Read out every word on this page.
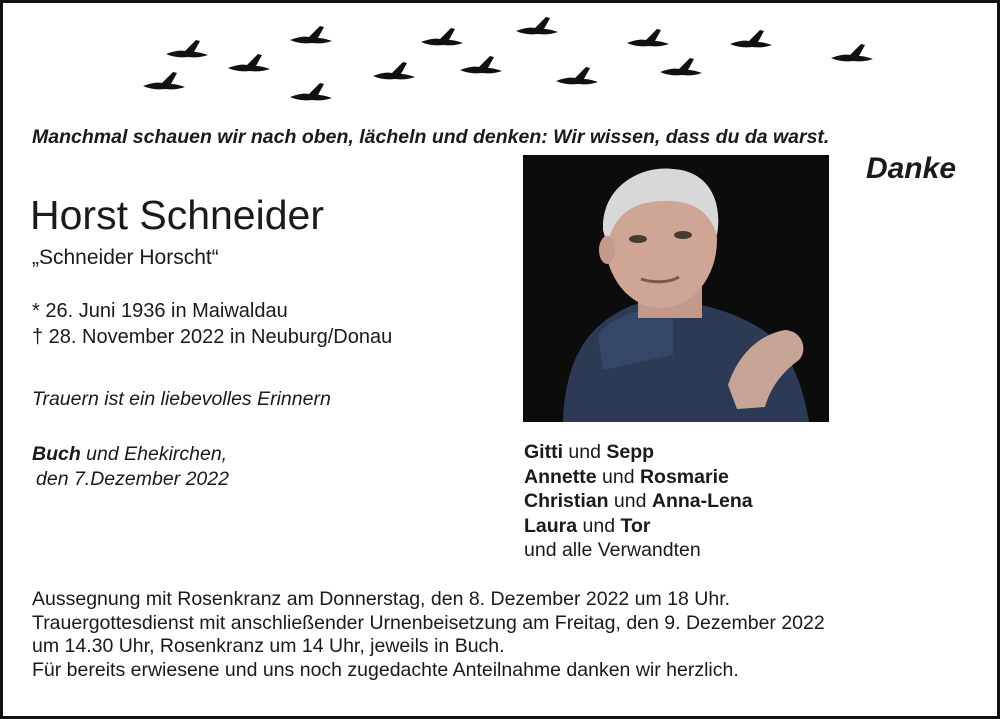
Manchmal schauen wir nach oben, lächeln und denken: Wir wissen, dass du da warst.
Danke
Horst Schneider
„Schneider Horscht“
* 26. Juni 1936 in Maiwaldau
† 28. November 2022 in Neuburg/Donau
Trauern ist ein liebevolles Erinnern
Buch und Ehekirchen,
den 7.Dezember 2022
Gitti und Sepp
Annette und Rosmarie
Christian und Anna-Lena
Laura und Tor
und alle Verwandten
Aussegnung mit Rosenkranz am Donnerstag, den 8. Dezember 2022 um 18 Uhr.
Trauergottesdienst mit anschließender Urnenbeisetzung am Freitag, den 9. Dezember 2022
um 14.30 Uhr, Rosenkranz um 14 Uhr, jeweils in Buch.
Für bereits erwiesene und uns noch zugedachte Anteilnahme danken wir herzlich.
